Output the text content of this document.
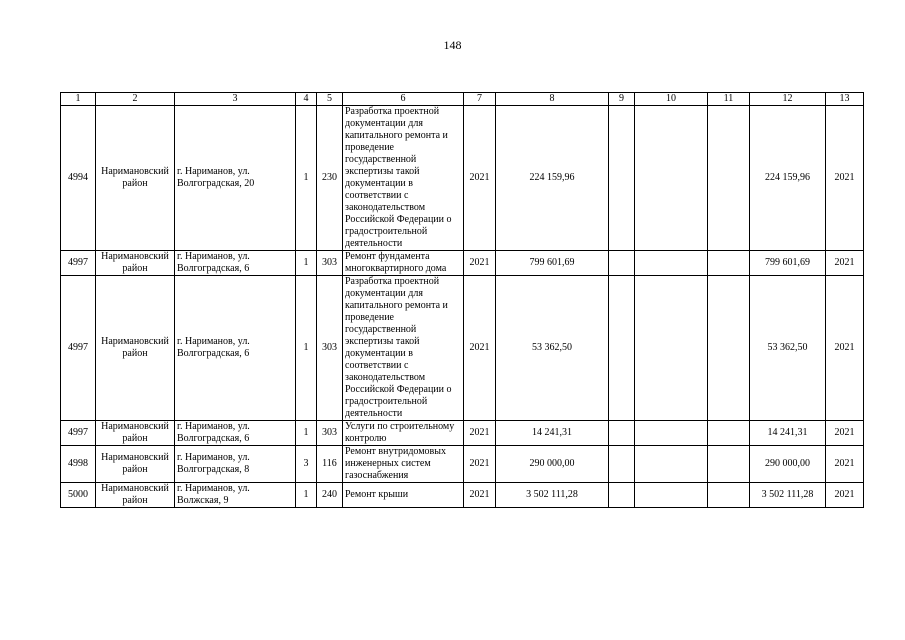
148
1	2	3	4	5	6	7	8	9	10	11	12	13
4994	Наримановский район	г. Нариманов, ул. Волгоградская, 20	1	230	Разработка проектной документации для капитального ремонта и проведение государственной экспертизы такой документации в соответствии с законодательством Российской Федерации о градостроительной деятельности	2021	224 159,96				224 159,96	2021
4997	Наримановский район	г. Нариманов, ул. Волгоградская, 6	1	303	Ремонт фундамента многоквартирного дома	2021	799 601,69				799 601,69	2021
4997	Наримановский район	г. Нариманов, ул. Волгоградская, 6	1	303	Разработка проектной документации для капитального ремонта и проведение государственной экспертизы такой документации в соответствии с законодательством Российской Федерации о градостроительной деятельности	2021	53 362,50				53 362,50	2021
4997	Наримановский район	г. Нариманов, ул. Волгоградская, 6	1	303	Услуги по строительному контролю	2021	14 241,31				14 241,31	2021
4998	Наримановский район	г. Нариманов, ул. Волгоградская, 8	3	116	Ремонт внутридомовых инженерных систем газоснабжения	2021	290 000,00				290 000,00	2021
5000	Наримановский район	г. Нариманов, ул. Волжская, 9	1	240	Ремонт крыши	2021	3 502 111,28				3 502 111,28	2021
